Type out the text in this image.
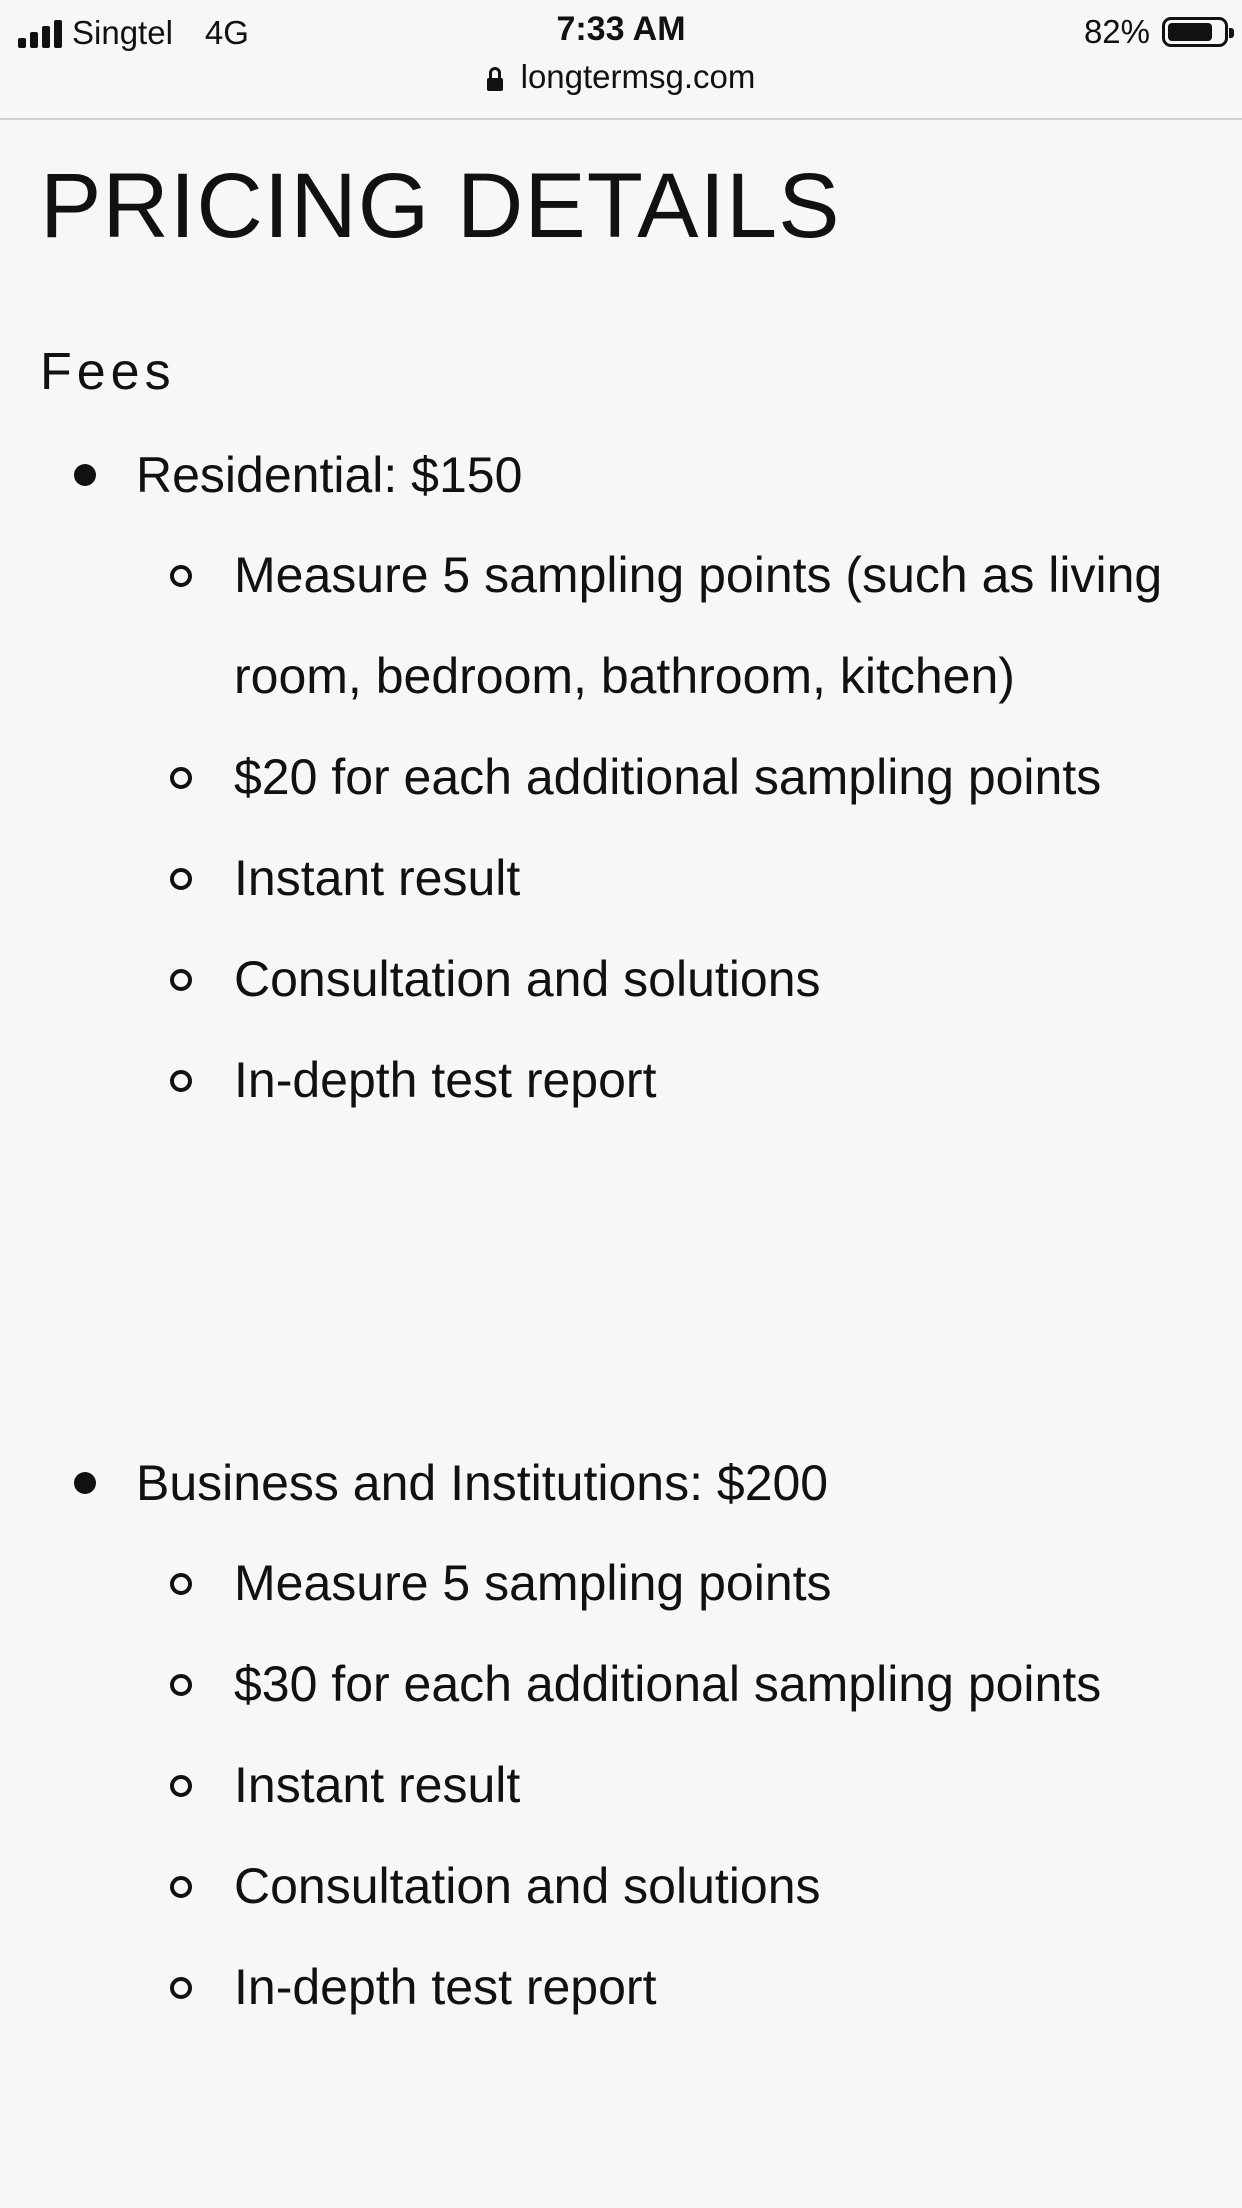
Singtel 4G	7:33 AM	82%
longtermsg.com
PRICING DETAILS
Fees
Residential: $150
Measure 5 sampling points (such as living room, bedroom, bathroom, kitchen)
$20 for each additional sampling points
Instant result
Consultation and solutions
In-depth test report
Business and Institutions: $200
Measure 5 sampling points
$30 for each additional sampling points
Instant result
Consultation and solutions
In-depth test report
